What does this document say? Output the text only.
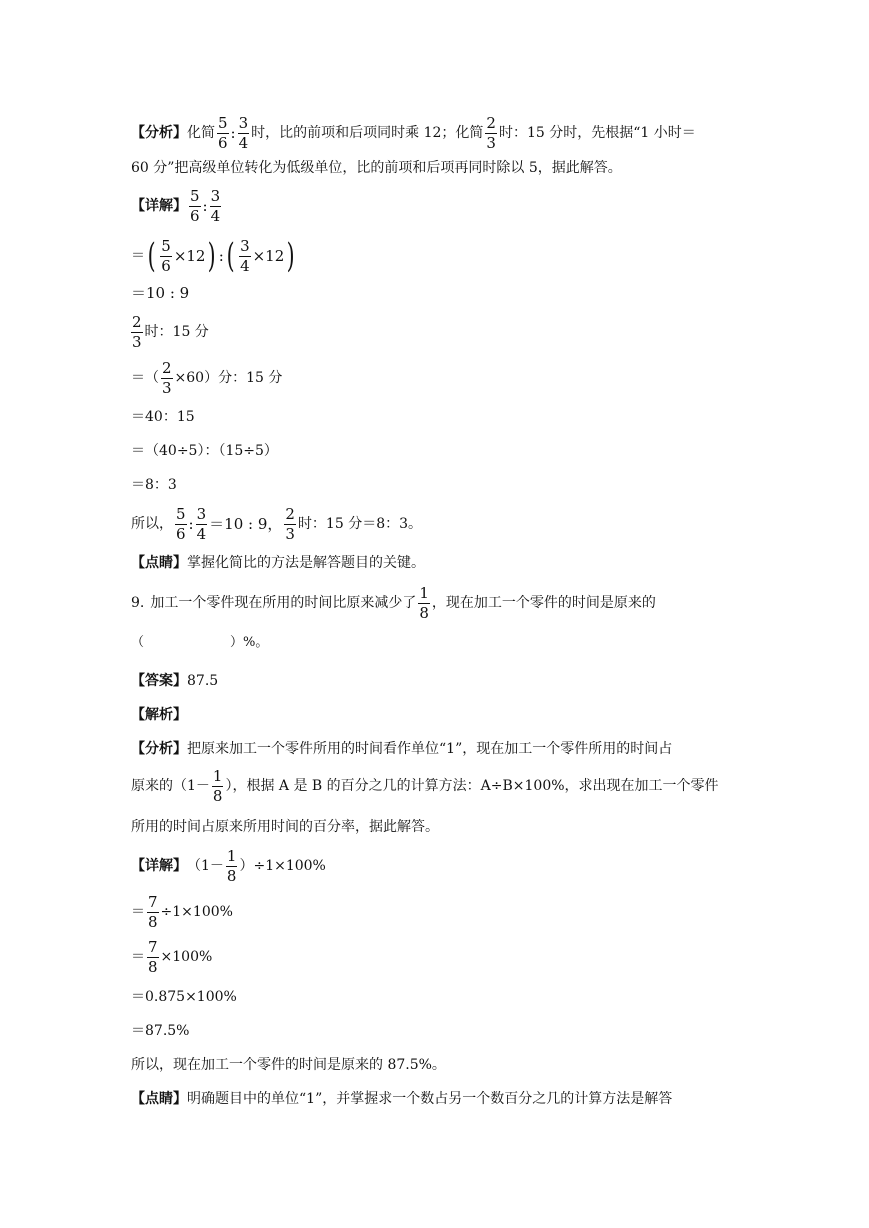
【分析】 化简 $\frac{5}{6}$ : $\frac{3}{4}$ 时，比的前项和后项同时乘 12；化简 $\frac{2}{3}$ 时：15 分时，先根据“1 小时＝
60 分”把高级单位转化为低级单位，比的前项和后项再同时除以 5，据此解答。
【详解】 $\frac{5}{6}$ : $\frac{3}{4}$
＝ ( $\frac{5}{6} \times 12$ ) : ( $\frac{3}{4} \times 12$ )
＝10 : 9
$\frac{2}{3}$ 时：15 分
＝（ $\frac{2}{3} \times 60$）分：15 分
＝40：15
＝（40÷5）：（15÷5）
＝8：3
所以， $\frac{5}{6}$ : $\frac{3}{4} =10$ : 9， $\frac{2}{3}$ 时：15 分＝8：3。
【点睛】 掌握化简比的方法是解答题目的关键。
9. 加工一个零件现在所用的时间比原来减少了 $\frac{1}{8}$ ，现在加工一个零件的时间是原来的
（	）%。
【答案】 87.5
【解析】
【分析】 把原来加工一个零件所用的时间看作单位“1”，现在加工一个零件所用的时间占
原来的（$1- \frac{1}{8}$ ），根据 A 是 B 的百分之几的计算方法：A÷B×100%，求出现在加工一个零件
所用的时间占原来所用时间的百分率，据此解答。
【详解】 $(1- \frac{1}{8} )\div 1\times 100\%$
＝ $\frac{7}{8} \div 1\times 100\%$
＝ $\frac{7}{8} \times 100\%$
＝0.875×100%
＝87.5%
所以，现在加工一个零件的时间是原来的 87.5%。
【点睛】 明确题目中的单位“1”，并掌握求一个数占另一个数百分之几的计算方法是解答
